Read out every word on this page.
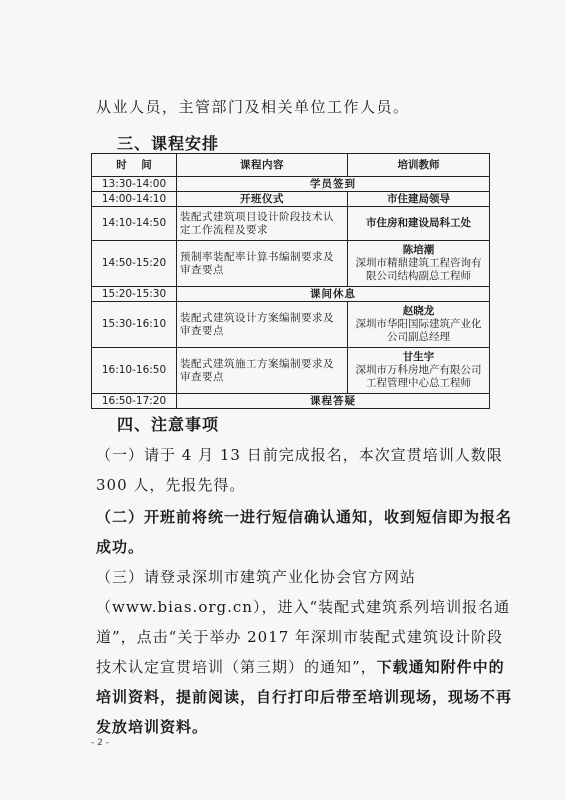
从业人员，主管部门及相关单位工作人员。
三、课程安排
时    间	课程内容	培训教师
13:30-14:00	学员签到	
14:00-14:10	开班仪式	市住建局领导
14:10-14:50	装配式建筑项目设计阶段技术认定工作流程及要求	市住房和建设局科工处
14:50-15:20	预制率装配率计算书编制要求及审查要点	陈培潮
深圳市精鼎建筑工程咨询有限公司结构副总工程师

15:20-15:30	课间休息	
15:30-16:10	装配式建筑设计方案编制要求及审查要点	赵晓龙
深圳市华阳国际建筑产业化公司副总经理

16:10-16:50	装配式建筑施工方案编制要求及审查要点	甘生宇
深圳市万科房地产有限公司工程管理中心总工程师

16:50-17:20	课程答疑	
四、注意事项
（一）请于 4 月 13 日前完成报名，本次宣贯培训人数限 300 人，先报先得。
（二）开班前将统一进行短信确认通知，收到短信即为报名成功。
（三）请登录深圳市建筑产业化协会官方网站（www.bias.org.cn），进入“装配式建筑系列培训报名通道”，点击“关于举办 2017 年深圳市装配式建筑设计阶段技术认定宣贯培训（第三期）的通知”，下载通知附件中的培训资料，提前阅读，自行打印后带至培训现场，现场不再发放培训资料。
- 2 -
